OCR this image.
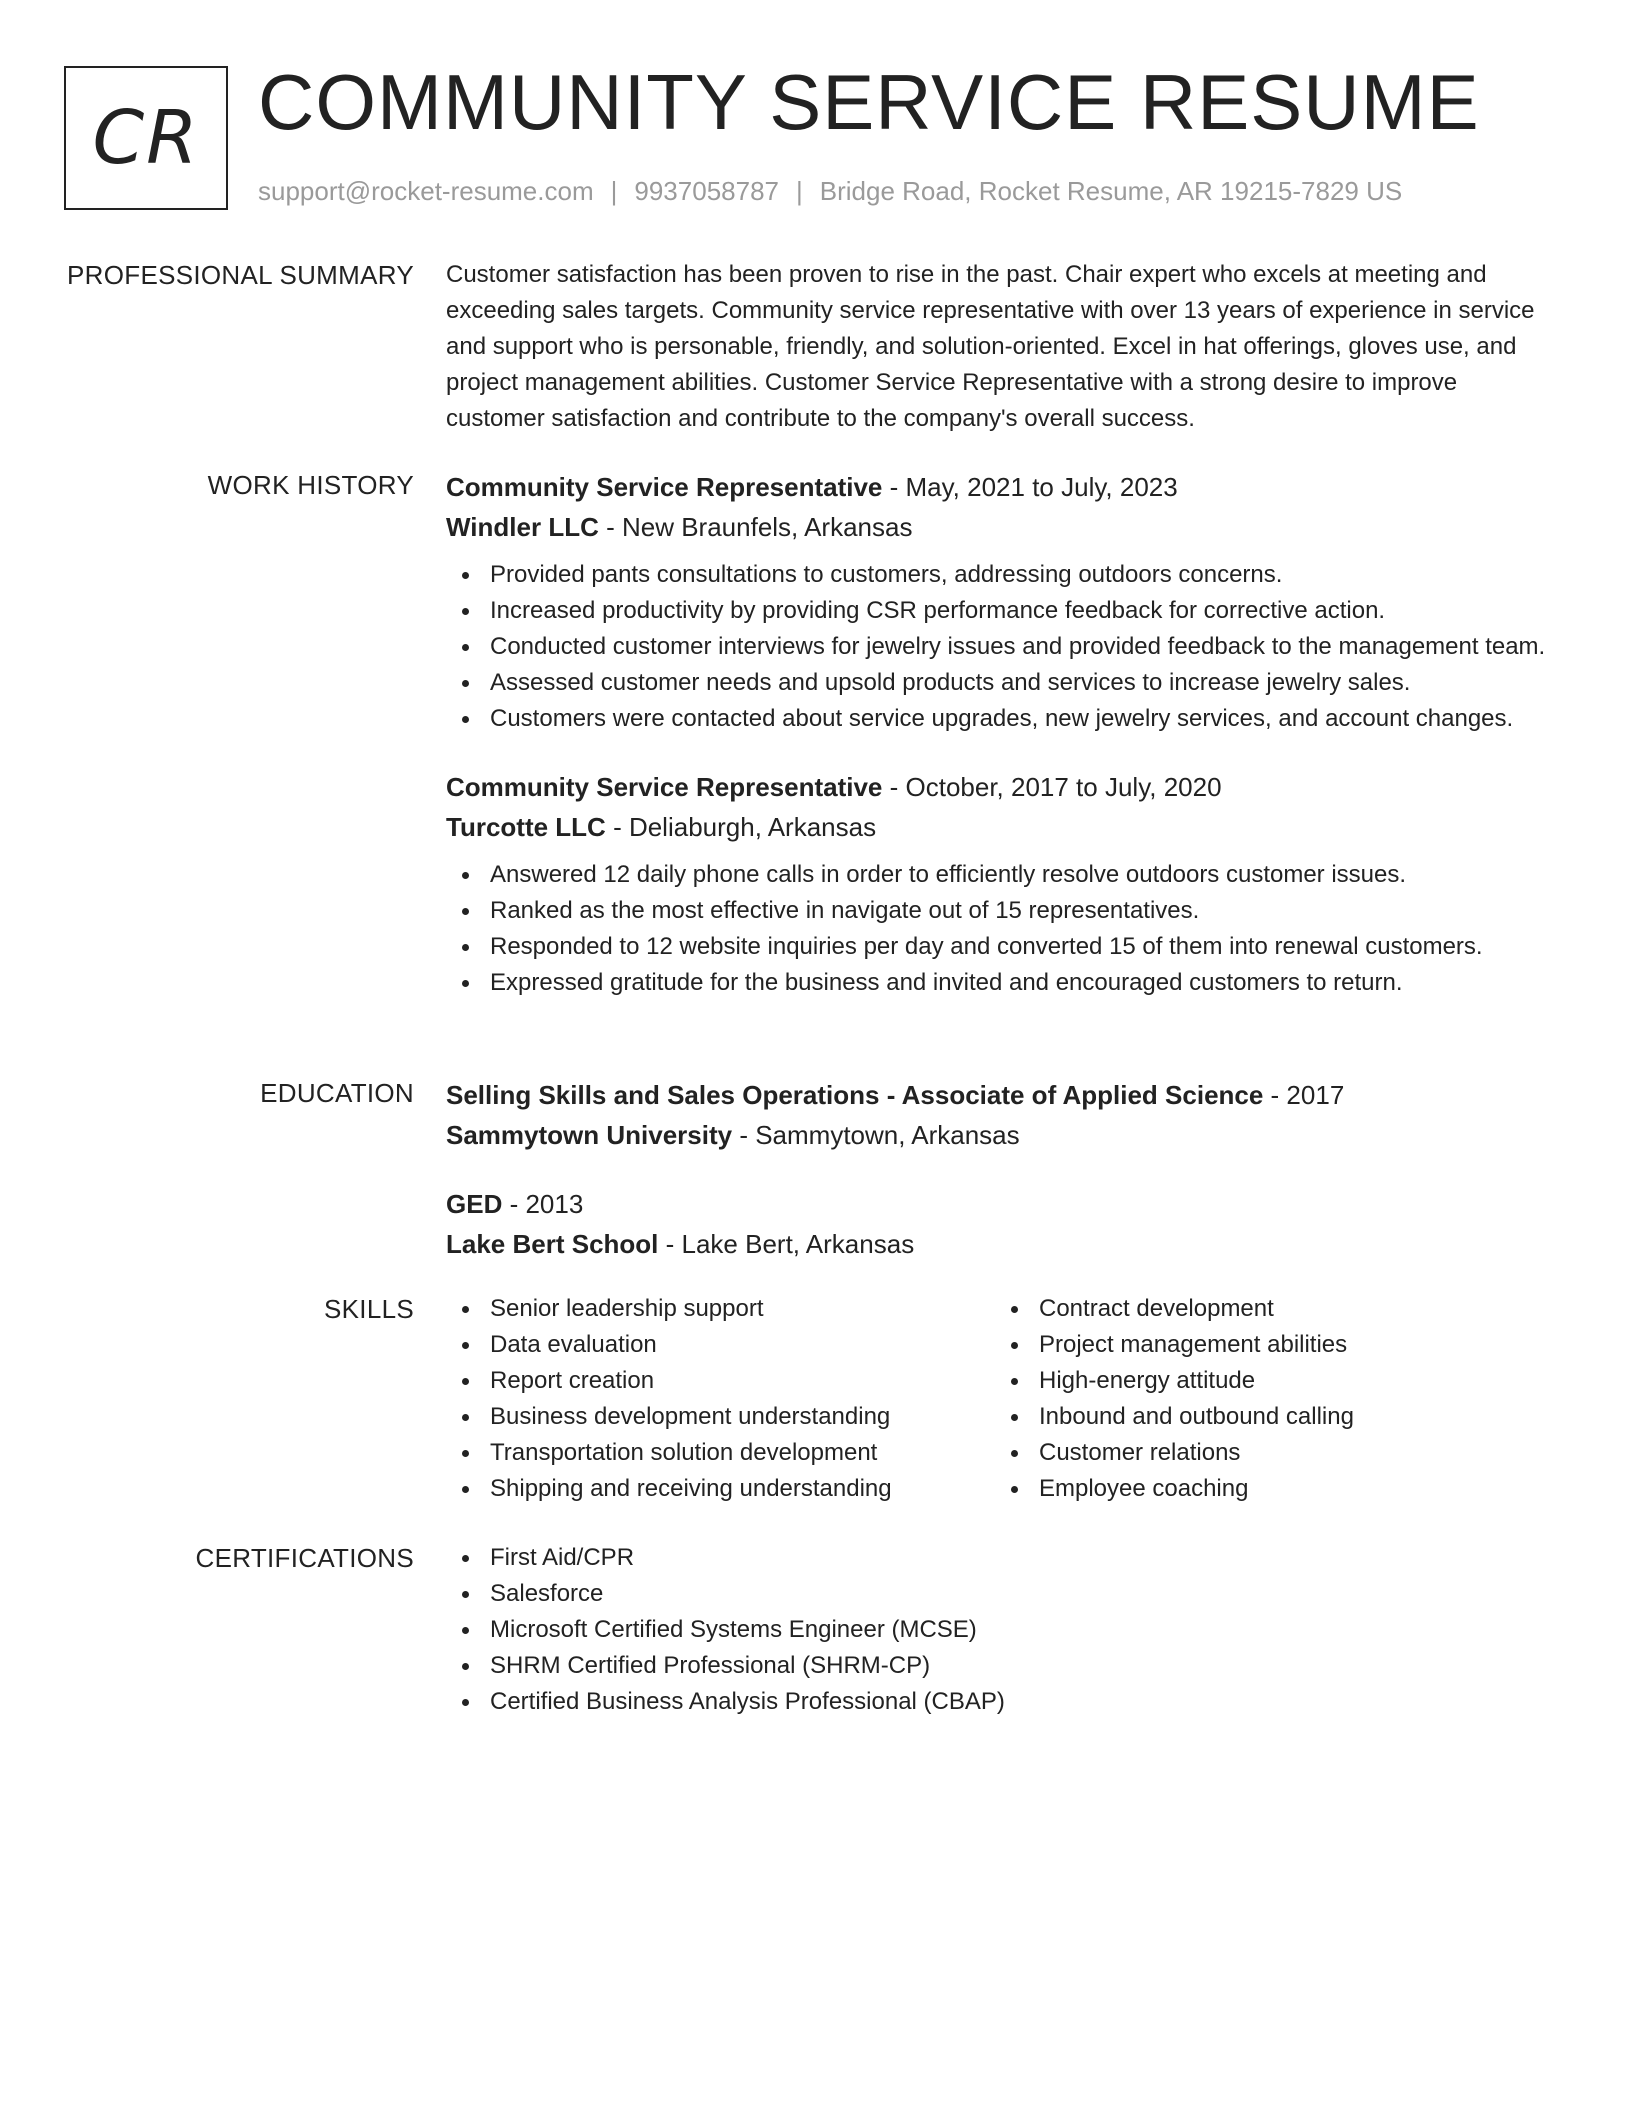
CR COMMUNITY SERVICE RESUME
support@rocket-resume.com | 9937058787 | Bridge Road, Rocket Resume, AR 19215-7829 US
PROFESSIONAL SUMMARY Customer satisfaction has been proven to rise in the past. Chair expert who excels at meeting and exceeding sales targets. Community service representative with over 13 years of experience in service and support who is personable, friendly, and solution-oriented. Excel in hat offerings, gloves use, and project management abilities. Customer Service Representative with a strong desire to improve customer satisfaction and contribute to the company's overall success.

WORK HISTORY Community Service Representative - May, 2021 to July, 2023
Windler LLC - New Braunfels, Arkansas
Provided pants consultations to customers, addressing outdoors concerns.
Increased productivity by providing CSR performance feedback for corrective action.
Conducted customer interviews for jewelry issues and provided feedback to the management team.
Assessed customer needs and upsold products and services to increase jewelry sales.
Customers were contacted about service upgrades, new jewelry services, and account changes.
Community Service Representative - October, 2017 to July, 2020
Turcotte LLC - Deliaburgh, Arkansas
Answered 12 daily phone calls in order to efficiently resolve outdoors customer issues.
Ranked as the most effective in navigate out of 15 representatives.
Responded to 12 website inquiries per day and converted 15 of them into renewal customers.
Expressed gratitude for the business and invited and encouraged customers to return.
EDUCATION Selling Skills and Sales Operations - Associate of Applied Science - 2017
Sammytown University - Sammytown, Arkansas
GED - 2013
Lake Bert School - Lake Bert, Arkansas
SKILLS	Senior leadership support
Data evaluation
Report creation
Business development understanding
Transportation solution development
Shipping and receiving understanding
Contract development
Project management abilities
High-energy attitude
Inbound and outbound calling
Customer relations
Employee coaching
CERTIFICATIONS	First Aid/CPR
Salesforce
Microsoft Certified Systems Engineer (MCSE)
SHRM Certified Professional (SHRM-CP)
Certified Business Analysis Professional (CBAP)
